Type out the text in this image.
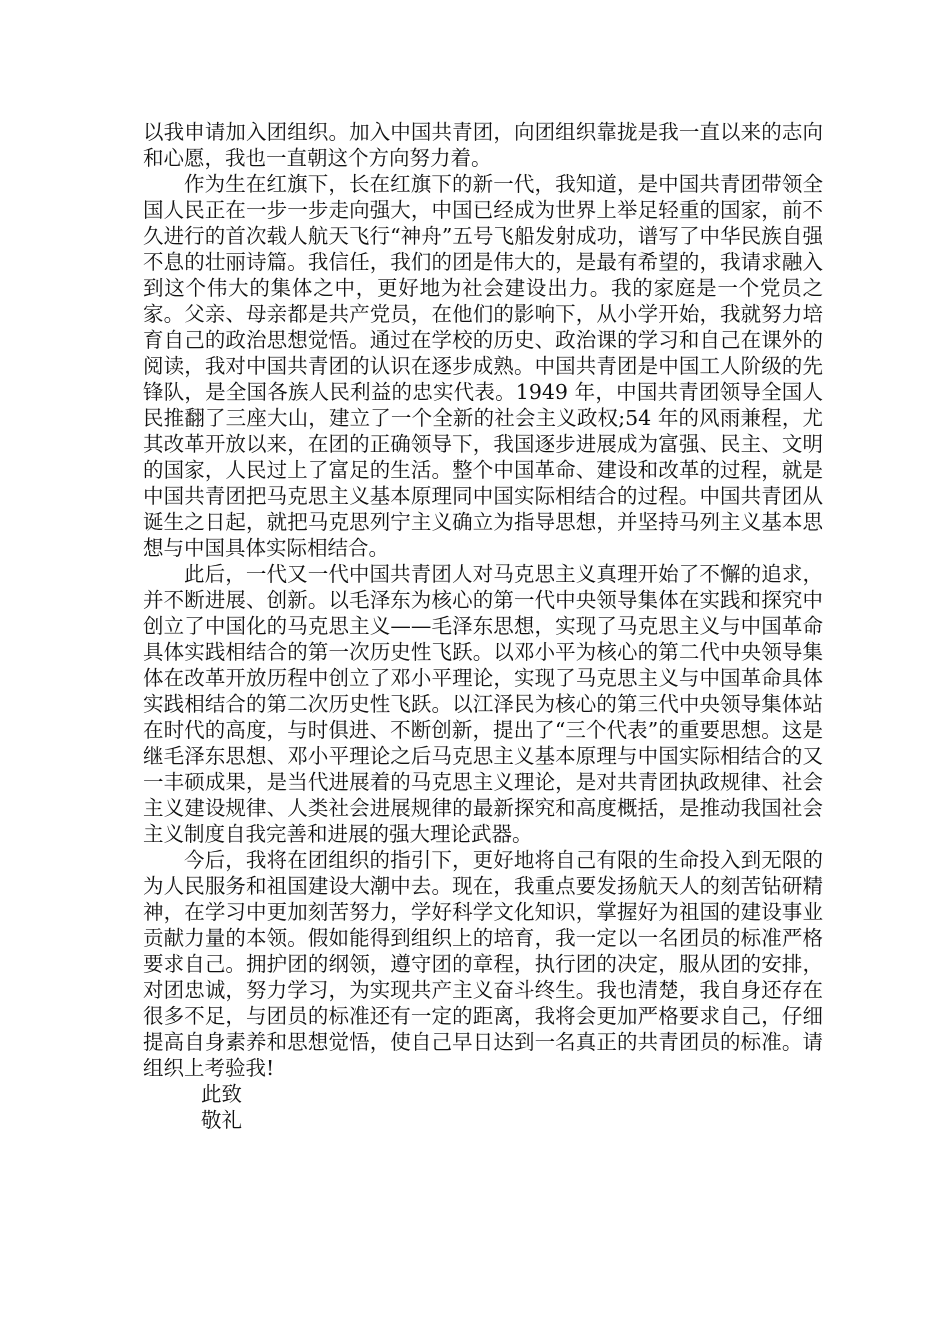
以我申请加入团组织。加入中国共青团，向团组织靠拢是我一直以来的志向和心愿，我也一直朝这个方向努力着。

作为生在红旗下，长在红旗下的新一代，我知道，是中国共青团带领全国人民正在一步一步走向强大，中国已经成为世界上举足轻重的国家，前不久进行的首次载人航天飞行“神舟”五号飞船发射成功，谱写了中华民族自强不息的壮丽诗篇。我信任，我们的团是伟大的，是最有希望的，我请求融入到这个伟大的集体之中，更好地为社会建设出力。我的家庭是一个党员之家。父亲、母亲都是共产党员，在他们的影响下，从小学开始，我就努力培育自己的政治思想觉悟。通过在学校的历史、政治课的学习和自己在课外的阅读，我对中国共青团的认识在逐步成熟。中国共青团是中国工人阶级的先锋队，是全国各族人民利益的忠实代表。1949 年，中国共青团领导全国人民推翻了三座大山，建立了一个全新的社会主义政权;54 年的风雨兼程，尤其改革开放以来，在团的正确领导下，我国逐步进展成为富强、民主、文明的国家，人民过上了富足的生活。整个中国革命、建设和改革的过程，就是中国共青团把马克思主义基本原理同中国实际相结合的过程。中国共青团从诞生之日起，就把马克思列宁主义确立为指导思想，并坚持马列主义基本思想与中国具体实际相结合。

此后，一代又一代中国共青团人对马克思主义真理开始了不懈的追求，并不断进展、创新。以毛泽东为核心的第一代中央领导集体在实践和探究中创立了中国化的马克思主义——毛泽东思想，实现了马克思主义与中国革命具体实践相结合的第一次历史性飞跃。以邓小平为核心的第二代中央领导集体在改革开放历程中创立了邓小平理论，实现了马克思主义与中国革命具体实践相结合的第二次历史性飞跃。以江泽民为核心的第三代中央领导集体站在时代的高度，与时俱进、不断创新，提出了“三个代表”的重要思想。这是继毛泽东思想、邓小平理论之后马克思主义基本原理与中国实际相结合的又一丰硕成果，是当代进展着的马克思主义理论，是对共青团执政规律、社会主义建设规律、人类社会进展规律的最新探究和高度概括，是推动我国社会主义制度自我完善和进展的强大理论武器。

今后，我将在团组织的指引下，更好地将自己有限的生命投入到无限的为人民服务和祖国建设大潮中去。现在，我重点要发扬航天人的刻苦钻研精神，在学习中更加刻苦努力，学好科学文化知识，掌握好为祖国的建设事业贡献力量的本领。假如能得到组织上的培育，我一定以一名团员的标准严格要求自己。拥护团的纲领，遵守团的章程，执行团的决定，服从团的安排，对团忠诚，努力学习，为实现共产主义奋斗终生。我也清楚，我自身还存在很多不足，与团员的标准还有一定的距离，我将会更加严格要求自己，仔细提高自身素养和思想觉悟，使自己早日达到一名真正的共青团员的标准。请组织上考验我!

此致

敬礼
